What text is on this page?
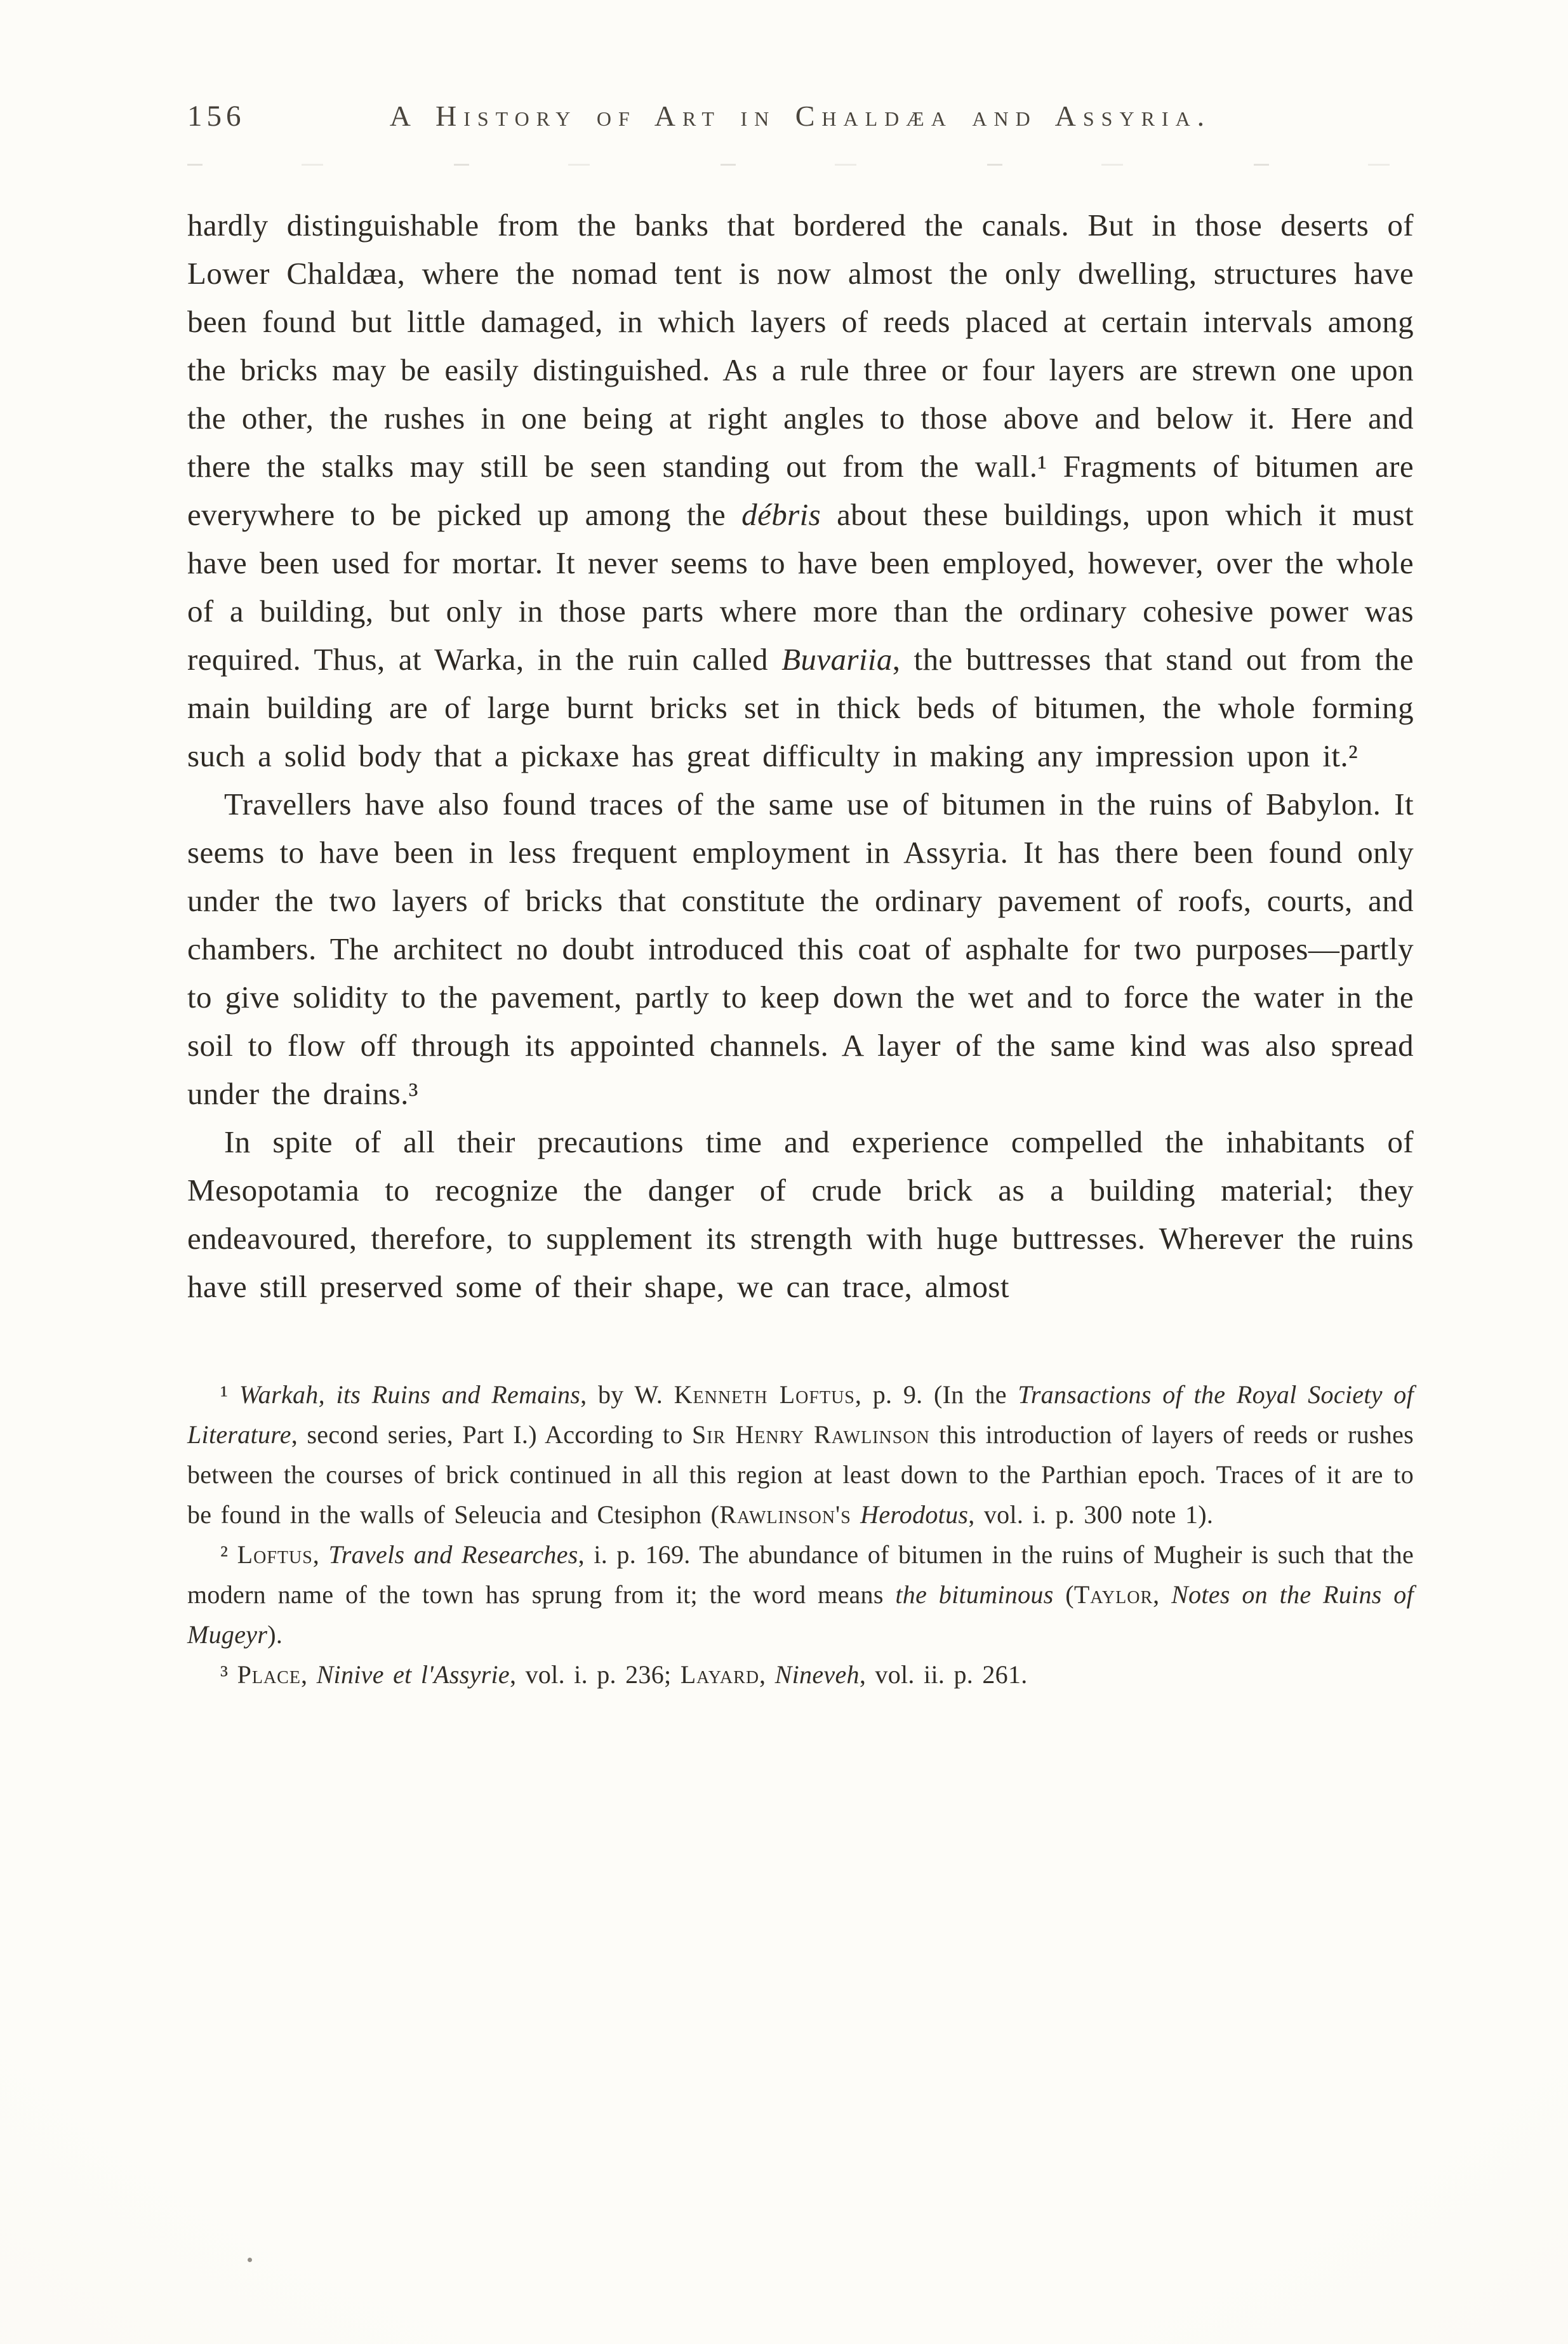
156	A History of Art in Chaldæa and Assyria.

hardly distinguishable from the banks that bordered the canals. But in those deserts of Lower Chaldæa, where the nomad tent is now almost the only dwelling, structures have been found but little damaged, in which layers of reeds placed at certain intervals among the bricks may be easily distinguished. As a rule three or four layers are strewn one upon the other, the rushes in one being at right angles to those above and below it. Here and there the stalks may still be seen standing out from the wall.¹ Fragments of bitumen are everywhere to be picked up among the débris about these buildings, upon which it must have been used for mortar. It never seems to have been employed, however, over the whole of a building, but only in those parts where more than the ordinary cohesive power was required. Thus, at Warka, in the ruin called Buvariia, the buttresses that stand out from the main building are of large burnt bricks set in thick beds of bitumen, the whole forming such a solid body that a pickaxe has great difficulty in making any impression upon it.²

Travellers have also found traces of the same use of bitumen in the ruins of Babylon. It seems to have been in less frequent employment in Assyria. It has there been found only under the two layers of bricks that constitute the ordinary pavement of roofs, courts, and chambers. The architect no doubt introduced this coat of asphalte for two purposes—partly to give solidity to the pavement, partly to keep down the wet and to force the water in the soil to flow off through its appointed channels. A layer of the same kind was also spread under the drains.³

In spite of all their precautions time and experience compelled the inhabitants of Mesopotamia to recognize the danger of crude brick as a building material; they endeavoured, therefore, to supplement its strength with huge buttresses. Wherever the ruins have still preserved some of their shape, we can trace, almost

¹ Warkah, its Ruins and Remains, by W. Kenneth Loftus, p. 9. (In the Transactions of the Royal Society of Literature, second series, Part I.) According to Sir Henry Rawlinson this introduction of layers of reeds or rushes between the courses of brick continued in all this region at least down to the Parthian epoch. Traces of it are to be found in the walls of Seleucia and Ctesiphon (Rawlinson's Herodotus, vol. i. p. 300 note 1).

² Loftus, Travels and Researches, i. p. 169. The abundance of bitumen in the ruins of Mugheir is such that the modern name of the town has sprung from it; the word means the bituminous (Taylor, Notes on the Ruins of Mugeyr).

³ Place, Ninive et l'Assyrie, vol. i. p. 236; Layard, Nineveh, vol. ii. p. 261.
